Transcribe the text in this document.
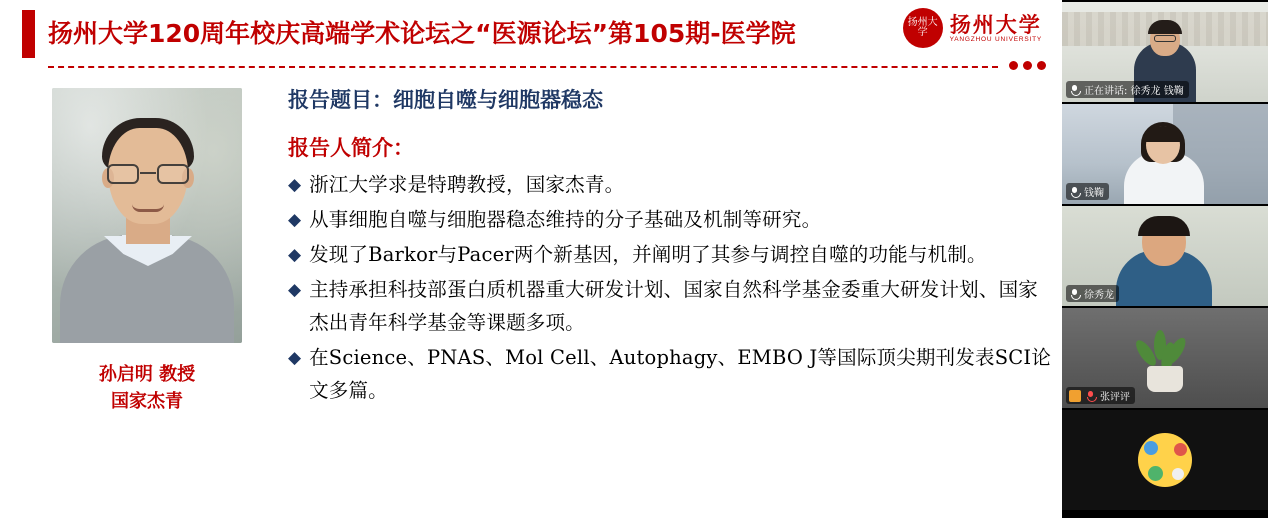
扬州大学120周年校庆高端学术论坛之“医源论坛”第105期-医学院	扬州大学	扬州大学
YANGZHOU UNIVERSITY
孙启明 教授
国家杰青
报告题目：细胞自噬与细胞器稳态
报告人简介：
◆ 浙江大学求是特聘教授，国家杰青。
◆ 从事细胞自噬与细胞器稳态维持的分子基础及机制等研究。
◆ 发现了Barkor与Pacer两个新基因，并阐明了其参与调控自噬的功能与机制。
◆ 主持承担科技部蛋白质机器重大研发计划、国家自然科学基金委重大研发计划、国家杰出青年科学基金等课题多项。
◆ 在Science、PNAS、Mol Cell、Autophagy、EMBO J等国际顶尖期刊发表SCI论文多篇。
正在讲话: 徐秀龙 钱鞠
钱鞠
徐秀龙
张评评
